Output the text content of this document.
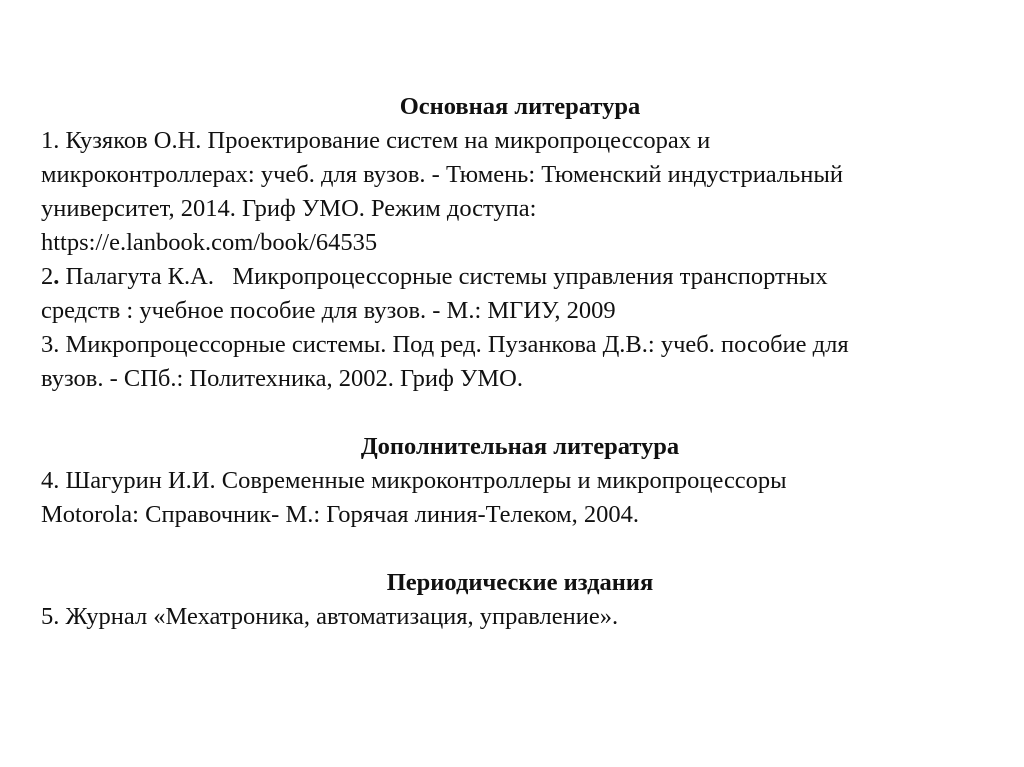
Основная литература
1. Кузяков О.Н. Проектирование систем на микропроцессорах и
микроконтроллерах: учеб. для вузов. - Тюмень: Тюменский индустриальный
университет, 2014. Гриф УМО. Режим доступа:
https://e.lanbook.com/book/64535
2. Палагута К.А.   Микропроцессорные системы управления транспортных
средств : учебное пособие для вузов. - М.: МГИУ, 2009
3. Микропроцессорные системы. Под ред. Пузанкова Д.В.: учеб. пособие для
вузов. - СПб.: Политехника, 2002. Гриф УМО.
Дополнительная литература
4. Шагурин И.И. Современные микроконтроллеры и микропроцессоры
Motorola: Справочник- М.: Горячая линия-Телеком, 2004.
Периодические издания
5. Журнал «Мехатроника, автоматизация, управление».
